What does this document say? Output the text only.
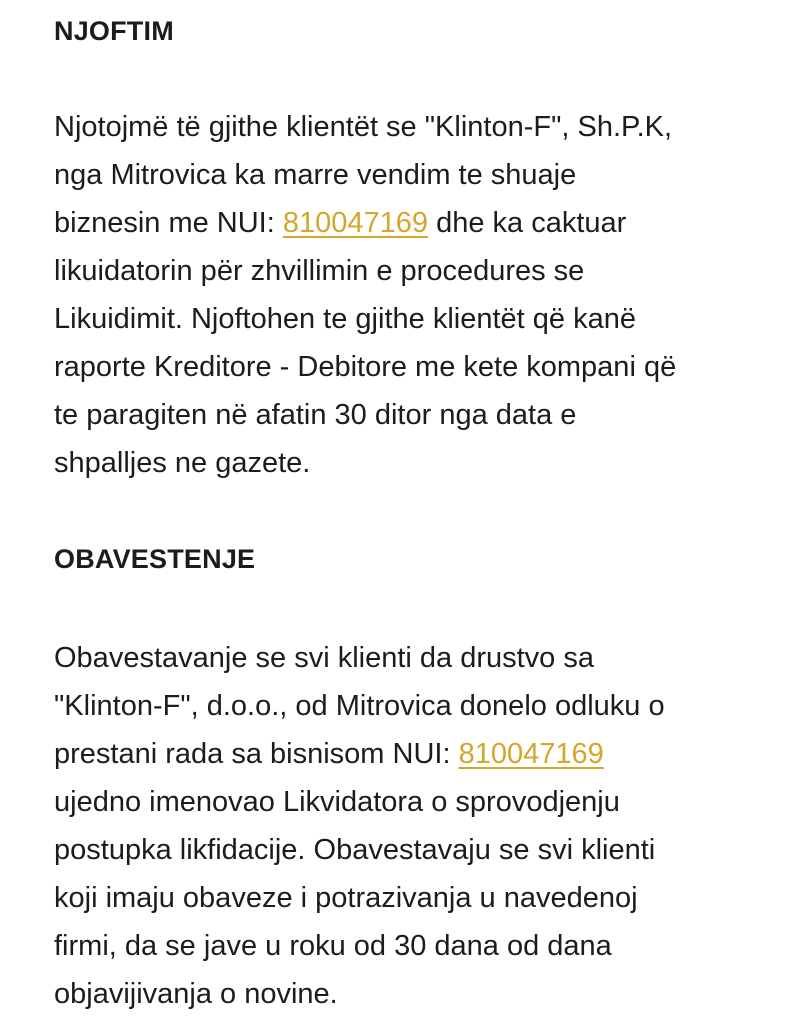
NJOFTIM
Njotojmë të gjithe klientët se "Klinton-F", Sh.P.K,
nga Mitrovica ka marre vendim te shuaje
biznesin me NUI: 810047169 dhe ka caktuar
likuidatorin për zhvillimin e procedures se
Likuidimit. Njoftohen te gjithe klientët që kanë
raporte Kreditore - Debitore me kete kompani që
te paragiten në afatin 30 ditor nga data e
shpalljes ne gazete.
OBAVESTENJE
Obavestavanje se svi klienti da drustvo sa
"Klinton-F", d.o.o., od Mitrovica donelo odluku o
prestani rada sa bisnisom NUI: 810047169
ujedno imenovao Likvidatora o sprovodjenju
postupka likfidacije. Obavestavaju se svi klienti
koji imaju obaveze i potrazivanja u navedenoj
firmi, da se jave u roku od 30 dana od dana
objavijivanja o novine.
